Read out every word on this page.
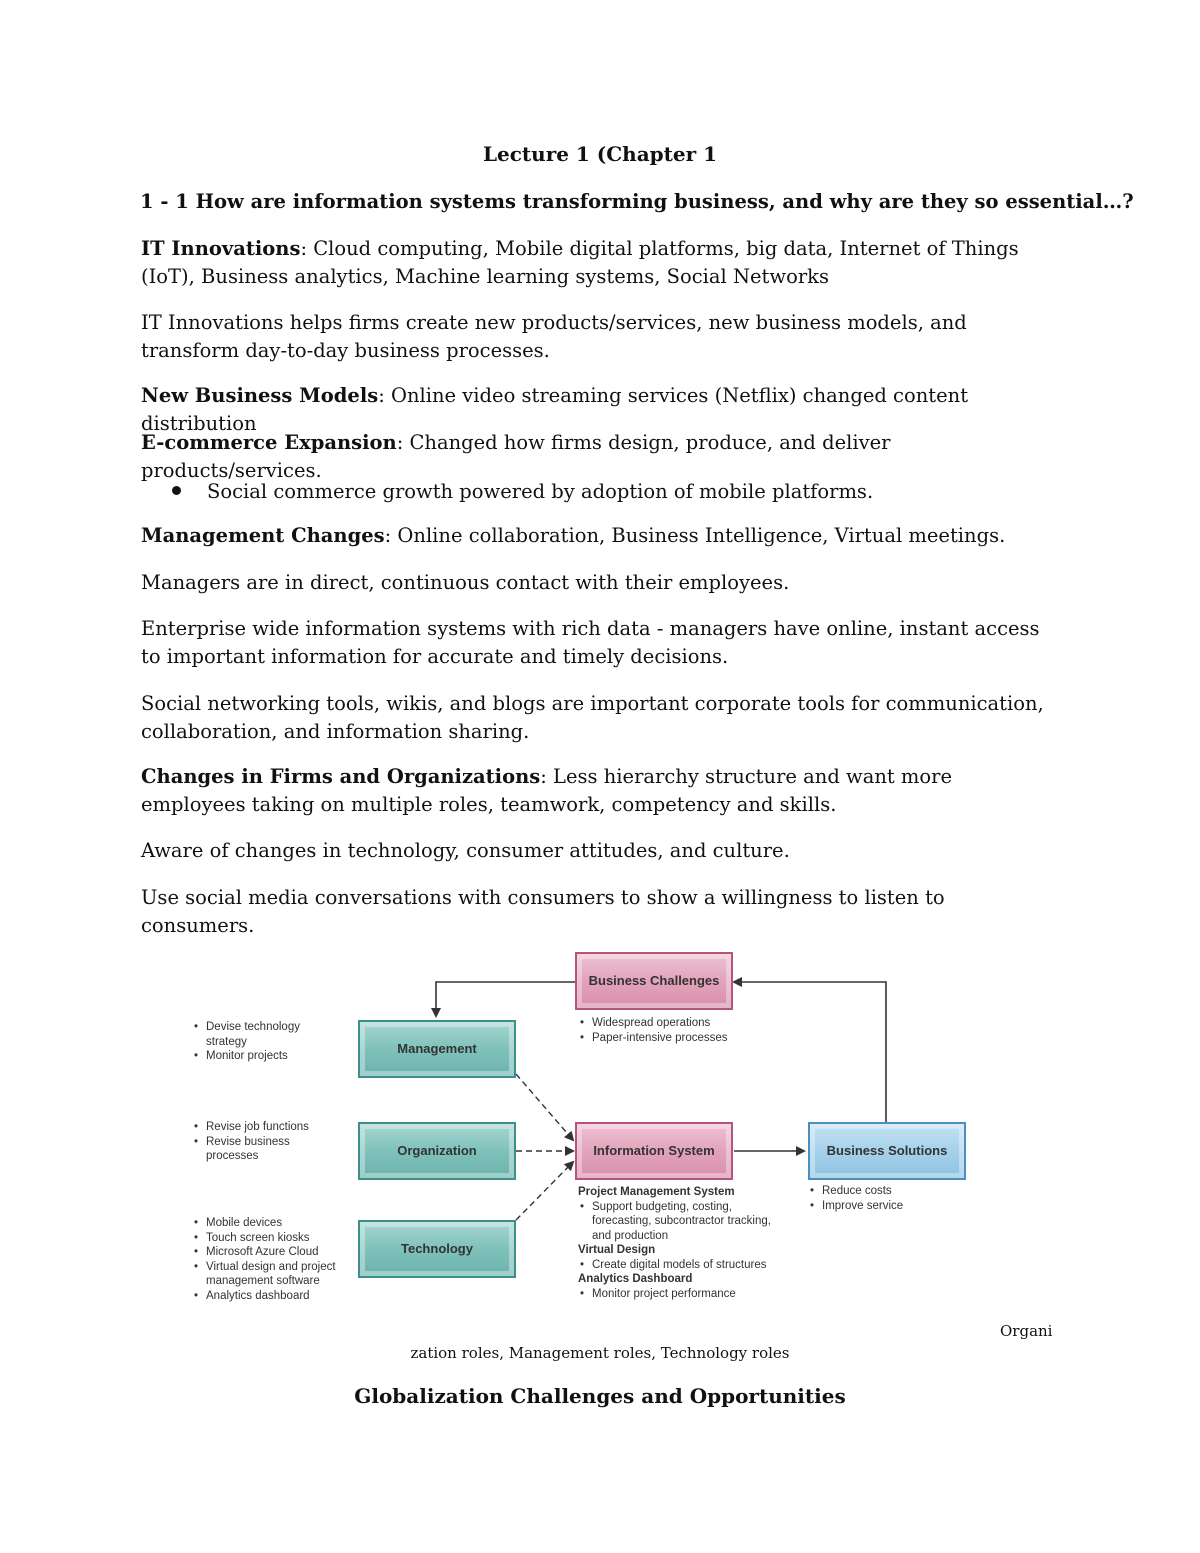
Lecture 1 (Chapter 1
1 - 1 How are information systems transforming business, and why are they so essential…?
IT Innovations: Cloud computing, Mobile digital platforms, big data, Internet of Things (IoT), Business analytics, Machine learning systems, Social Networks
IT Innovations helps firms create new products/services, new business models, and transform day-to-day business processes.
New Business Models: Online video streaming services (Netflix) changed content distribution
E-commerce Expansion: Changed how firms design, produce, and deliver products/services.
Social commerce growth powered by adoption of mobile platforms.
Management Changes: Online collaboration, Business Intelligence, Virtual meetings.
Managers are in direct, continuous contact with their employees.
Enterprise wide information systems with rich data - managers have online, instant access to important information for accurate and timely decisions.
Social networking tools, wikis, and blogs are important corporate tools for communication, collaboration, and information sharing.
Changes in Firms and Organizations: Less hierarchy structure and want more employees taking on multiple roles, teamwork, competency and skills.
Aware of changes in technology, consumer attitudes, and culture.
Use social media conversations with consumers to show a willingness to listen to consumers.
Business Challenges
Management
Organization
Technology
Information System	Business Solutions
• Devise technology strategy
• Monitor projects
• Revise job functions
• Revise business processes
• Mobile devices
• Touch screen kiosks
• Microsoft Azure Cloud
• Virtual design and project management software
• Analytics dashboard
• Widespread operations
• Paper-intensive processes
• Reduce costs
• Improve service
Project Management System
• Support budgeting, costing, forecasting, subcontractor tracking, and production
Virtual Design
• Create digital models of structures
Analytics Dashboard
• Monitor project performance
Organi
zation roles, Management roles, Technology roles
Globalization Challenges and Opportunities
